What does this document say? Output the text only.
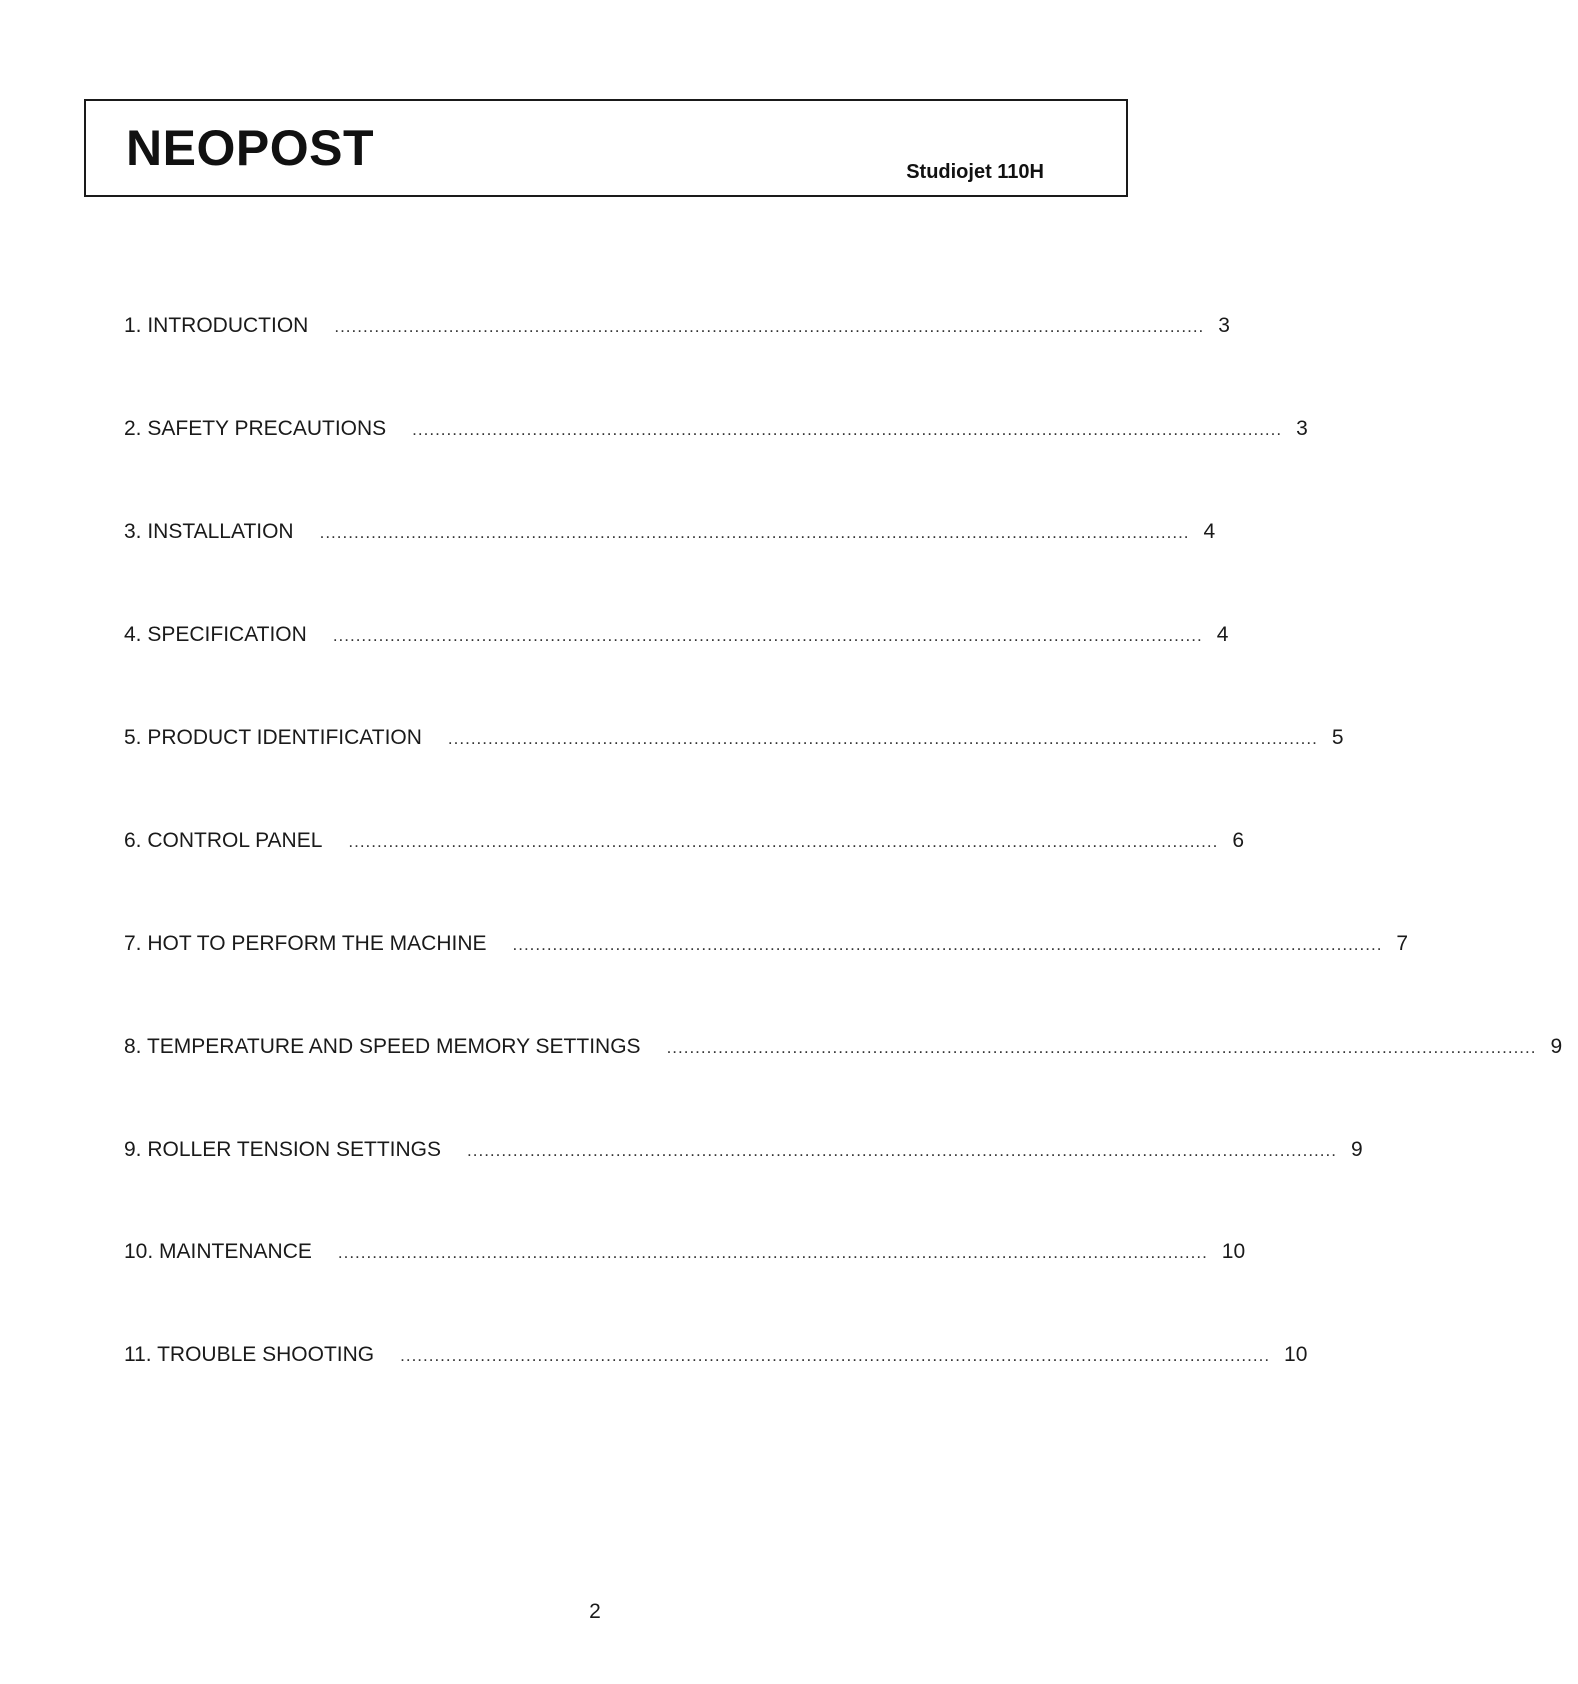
NEOPOST	Studiojet 110H
1. INTRODUCTION ........................................................................................................................................................ 3
2. SAFETY PRECAUTIONS ........................................................................................................................................................ 3
3. INSTALLATION ........................................................................................................................................................ 4
4. SPECIFICATION ........................................................................................................................................................ 4
5. PRODUCT IDENTIFICATION ........................................................................................................................................................ 5
6. CONTROL PANEL ........................................................................................................................................................ 6
7. HOT TO PERFORM THE MACHINE ........................................................................................................................................................ 7
8. TEMPERATURE AND SPEED MEMORY SETTINGS ........................................................................................................................................................ 9
9. ROLLER TENSION SETTINGS ........................................................................................................................................................ 9
10. MAINTENANCE ........................................................................................................................................................ 10
11. TROUBLE SHOOTING ........................................................................................................................................................ 10
2
